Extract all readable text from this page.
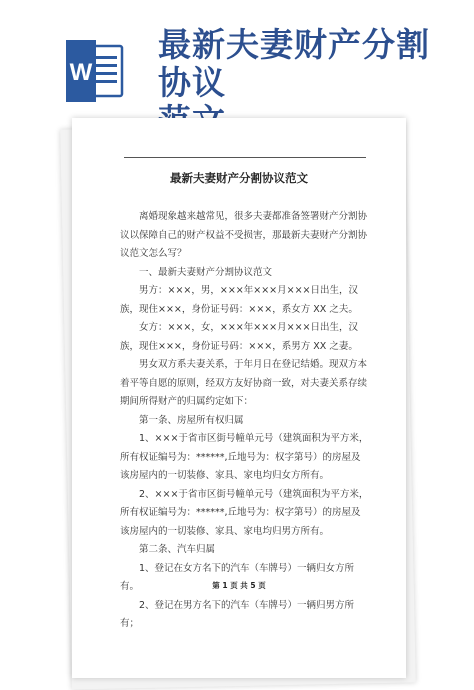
W
最新夫妻财产分割协议
最新夫妻财产分割协议范文

离婚现象越来越常见，很多夫妻都准备签署财产分割协议以保障自己的财产权益不受损害，那最新夫妻财产分割协议范文怎么写？

一、最新夫妻财产分割协议范文

男方：×××，男，×××年×××月×××日出生，汉族，现住×××，身份证号码：×××，系女方 XX 之夫。

女方：×××，女，×××年×××月×××日出生，汉族，现住×××，身份证号码：×××，系男方 XX 之妻。

男女双方系夫妻关系，于年月日在登记结婚。现双方本着平等自愿的原则，经双方友好协商一致，对夫妻关系存续期间所得财产的归属约定如下：

第一条、房屋所有权归属

1、×××于省市区街号幢单元号（建筑面积为平方米，所有权证编号为：******,丘地号为：权字第号）的房屋及该房屋内的一切装修、家具、家电均归女方所有。

2、×××于省市区街号幢单元号（建筑面积为平方米，所有权证编号为：******,丘地号为：权字第号）的房屋及该房屋内的一切装修、家具、家电均归男方所有。

第二条、汽车归属

1、登记在女方名下的汽车（车牌号）一辆归女方所有。

2、登记在男方名下的汽车（车牌号）一辆归男方所有；

第 1 页 共 5 页
